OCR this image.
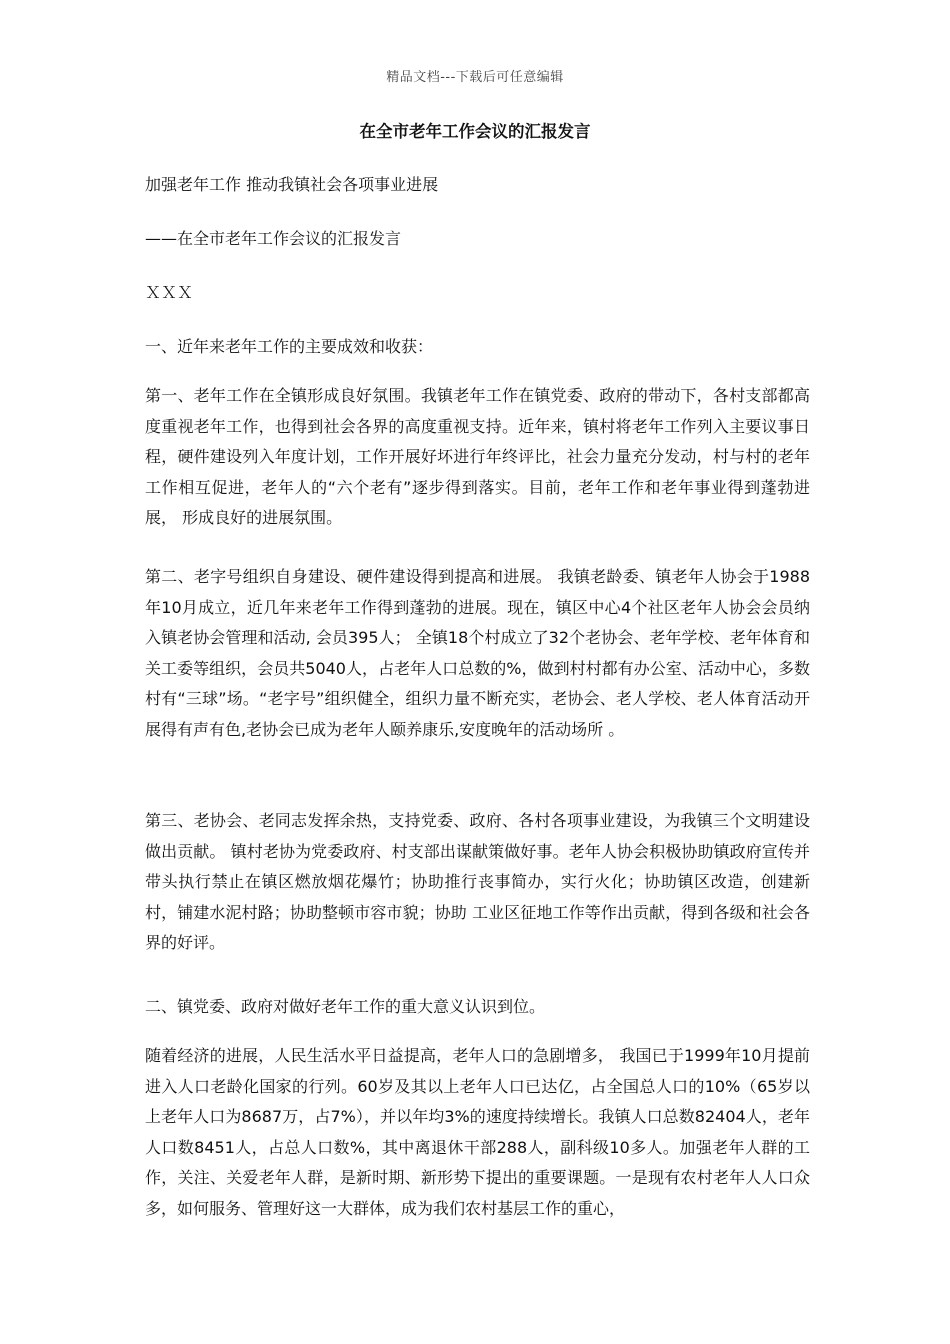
精品文档---下载后可任意编辑
在全市老年工作会议的汇报发言
加强老年工作 推动我镇社会各项事业进展
——在全市老年工作会议的汇报发言
ＸＸＸ
一、近年来老年工作的主要成效和收获：

第一、老年工作在全镇形成良好氛围。我镇老年工作在镇党委、政府的带动下，各村支部都高度重视老年工作，也得到社会各界的高度重视支持。近年来，镇村将老年工作列入主要议事日程，硬件建设列入年度计划，工作开展好坏进行年终评比，社会力量充分发动，村与村的老年工作相互促进，老年人的“六个老有”逐步得到落实。目前，老年工作和老年事业得到蓬勃进展， 形成良好的进展氛围。

第二、老字号组织自身建设、硬件建设得到提高和进展。 我镇老龄委、镇老年人协会于1988年10月成立，近几年来老年工作得到蓬勃的进展。现在，镇区中心4个社区老年人协会会员纳入镇老协会管理和活动, 会员395人； 全镇18个村成立了32个老协会、老年学校、老年体育和关工委等组织，会员共5040人，占老年人口总数的%，做到村村都有办公室、活动中心，多数村有“三球”场。“老字号”组织健全，组织力量不断充实，老协会、老人学校、老人体育活动开展得有声有色,老协会已成为老年人颐养康乐,安度晚年的活动场所 。

第三、老协会、老同志发挥余热，支持党委、政府、各村各项事业建设，为我镇三个文明建设做出贡献。 镇村老协为党委政府、村支部出谋献策做好事。老年人协会积极协助镇政府宣传并带头执行禁止在镇区燃放烟花爆竹；协助推行丧事简办，实行火化；协助镇区改造，创建新村，铺建水泥村路；协助整顿市容市貌；协助 工业区征地工作等作出贡献，得到各级和社会各界的好评。

二、镇党委、政府对做好老年工作的重大意义认识到位。

随着经济的进展，人民生活水平日益提高，老年人口的急剧增多， 我国已于1999年10月提前进入人口老龄化国家的行列。60岁及其以上老年人口已达亿，占全国总人口的10%（65岁以上老年人口为8687万，占7%），并以年均3%的速度持续增长。我镇人口总数82404人，老年人口数8451人，占总人口数%，其中离退休干部288人，副科级10多人。加强老年人群的工作，关注、关爱老年人群，是新时期、新形势下提出的重要课题。一是现有农村老年人人口众多，如何服务、管理好这一大群体，成为我们农村基层工作的重心，
